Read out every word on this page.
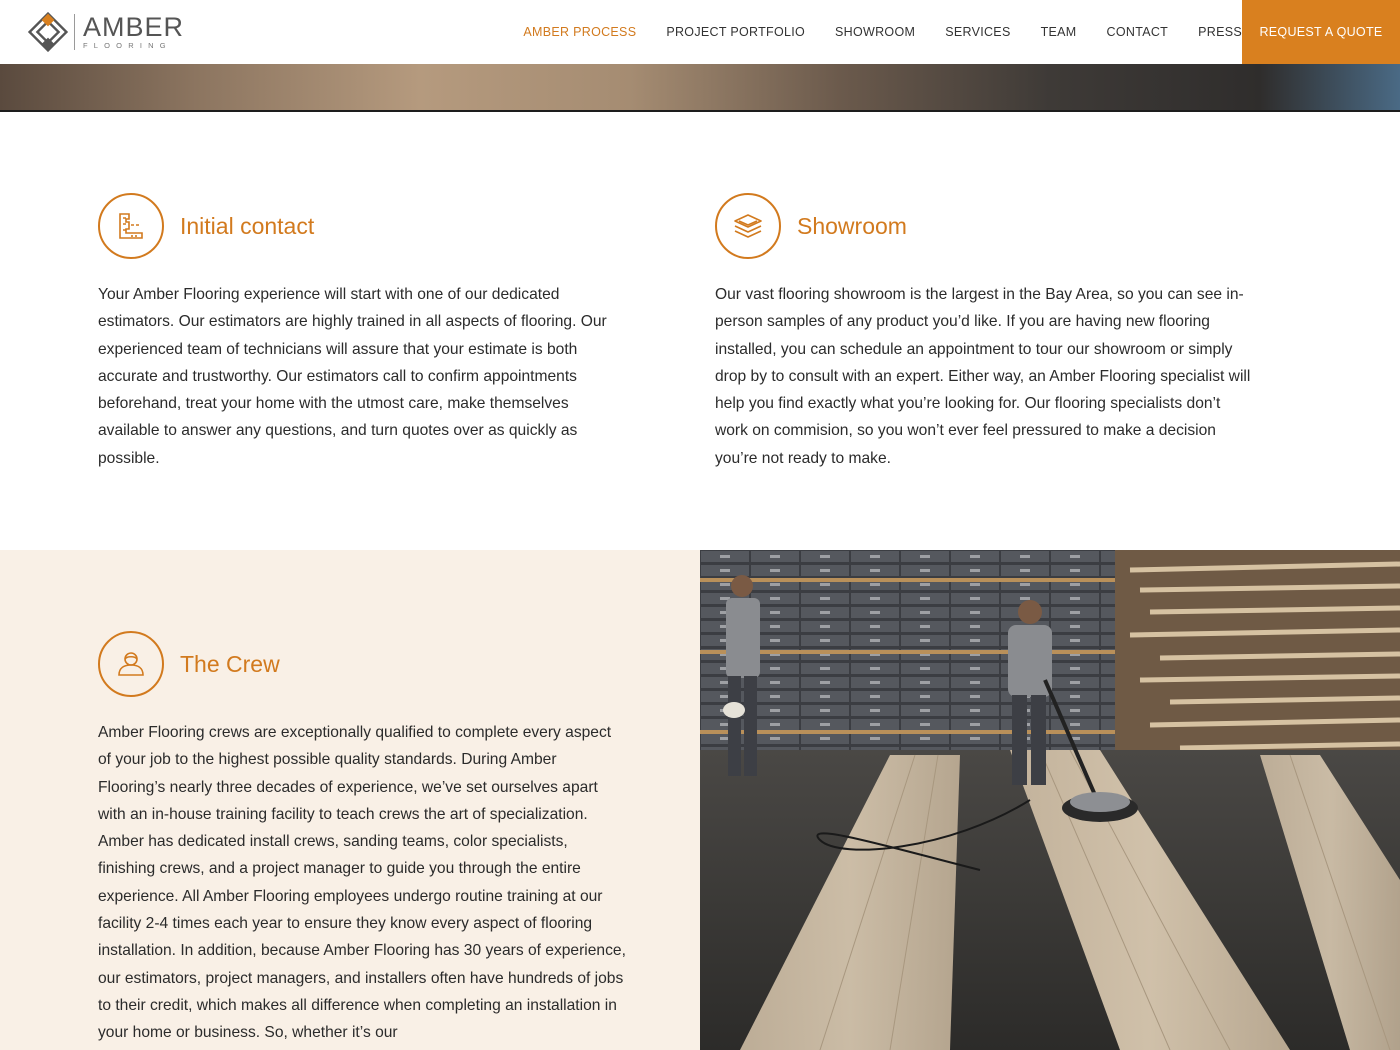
AMBER
FLOORING
AMBER PROCESS PROJECT PORTFOLIO SHOWROOM SERVICES TEAM CONTACT PRESS	REQUEST A QUOTE
Initial contact

Your Amber Flooring experience will start with one of our dedicated estimators. Our estimators are highly trained in all aspects of flooring. Our experienced team of technicians will assure that your estimate is both accurate and trustworthy. Our estimators call to confirm appointments beforehand, treat your home with the utmost care, make themselves available to answer any questions, and turn quotes over as quickly as possible.

Showroom

Our vast flooring showroom is the largest in the Bay Area, so you can see in-person samples of any product you’d like. If you are having new flooring installed, you can schedule an appointment to tour our showroom or simply drop by to consult with an expert. Either way, an Amber Flooring specialist will help you find exactly what you’re looking for. Our flooring specialists don’t work on commision, so you won’t ever feel pressured to make a decision you’re not ready to make.

The Crew

Amber Flooring crews are exceptionally qualified to complete every aspect of your job to the highest possible quality standards. During Amber Flooring’s nearly three decades of experience, we’ve set ourselves apart with an in-house training facility to teach crews the art of specialization. Amber has dedicated install crews, sanding teams, color specialists, finishing crews, and a project manager to guide you through the entire experience. All Amber Flooring employees undergo routine training at our facility 2-4 times each year to ensure they know every aspect of flooring installation. In addition, because Amber Flooring has 30 years of experience, our estimators, project managers, and installers often have hundreds of jobs to their credit, which makes all difference when completing an installation in your home or business. So, whether it’s our
